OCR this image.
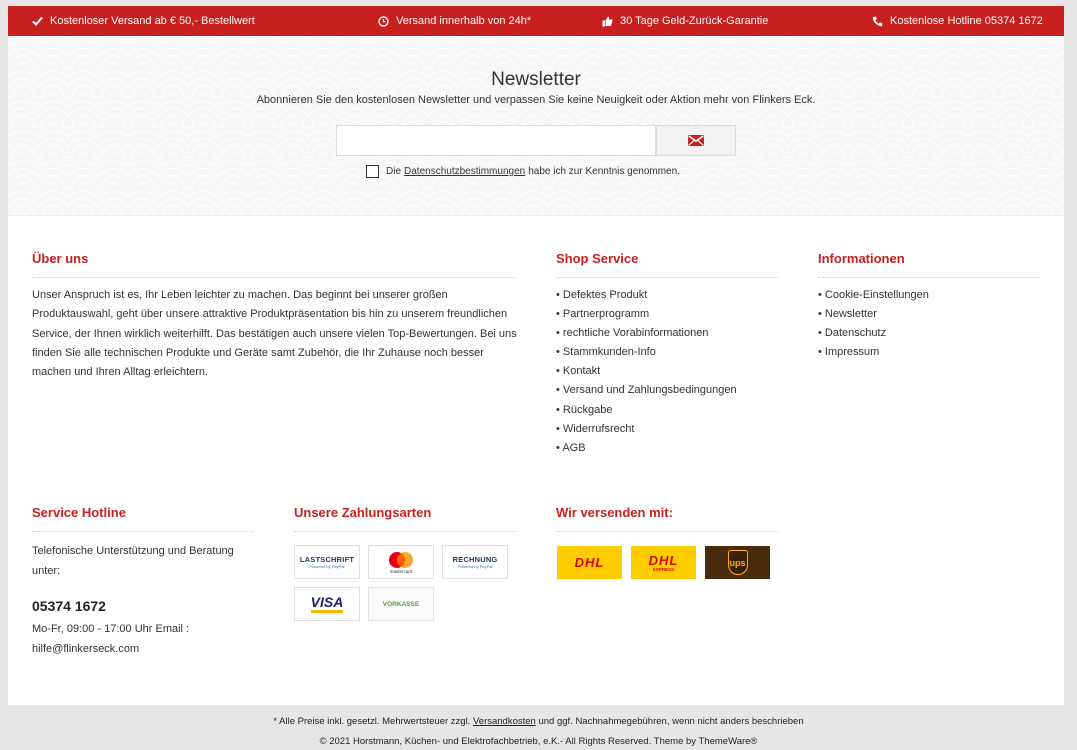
Kostenloser Versand ab € 50,- Bestellwert	Versand innerhalb von 24h*	30 Tage Geld-Zurück-Garantie	Kostenlose Hotline 05374 1672
Newsletter
Abonnieren Sie den kostenlosen Newsletter und verpassen Sie keine Neuigkeit oder Aktion mehr von Flinkers Eck.
Die Datenschutzbestimmungen habe ich zur Kenntnis genommen.
Über uns
Unser Anspruch ist es, Ihr Leben leichter zu machen. Das beginnt bei unserer großen Produktauswahl, geht über unsere attraktive Produktpräsentation bis hin zu unserem freundlichen Service, der Ihnen wirklich weiterhilft. Das bestätigen auch unsere vielen Top-Bewertungen. Bei uns finden Sie alle technischen Produkte und Geräte samt Zubehör, die Ihr Zuhause noch besser machen und Ihren Alltag erleichtern.
Shop Service
• Defektes Produkt
• Partnerprogramm
• rechtliche Vorabinformationen
• Stammkunden-Info
• Kontakt
• Versand und Zahlungsbedingungen
• Rückgabe
• Widerrufsrecht
• AGB
Informationen
• Cookie-Einstellungen
• Newsletter
• Datenschutz
• Impressum
Service Hotline
Telefonische Unterstützung und Beratung unter:
05374 1672
Mo-Fr, 09:00 - 17:00 Uhr Email : hilfe@flinkerseck.com
Unsere Zahlungsarten
LASTSCHRIFT
Powered by PayPal
mastercard
RECHNUNG
Powered by PayPal
VISA	VORKASSE
Wir versenden mit:
DHL	DHL
EXPRESS
ups
* Alle Preise inkl. gesetzl. Mehrwertsteuer zzgl. Versandkosten und ggf. Nachnahmegebühren, wenn nicht anders beschrieben
© 2021 Horstmann, Küchen- und Elektrofachbetrieb, e.K.- All Rights Reserved. Theme by ThemeWare®
